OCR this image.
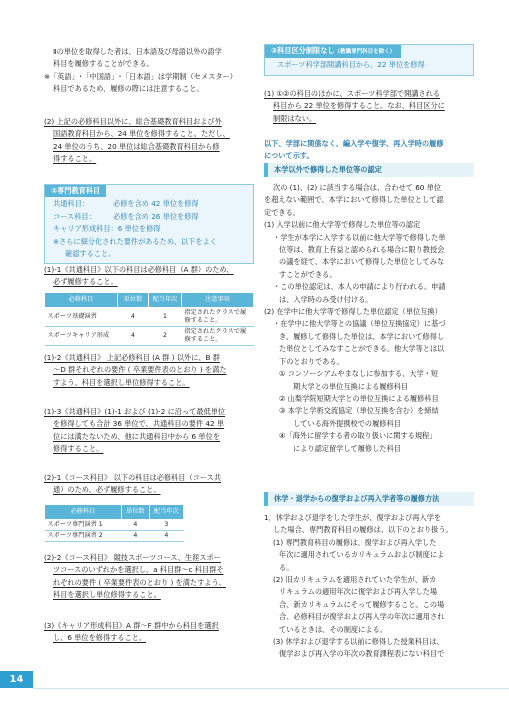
Ⅱの単位を取得した者は、日本語及び母語以外の語学

科目を履修することができる。

※「英語」･「中国語」･「日本語」は学期制（セメスター）

科目であるため、履修の際には注意すること。

(2) 上記の必修科目以外に、総合基礎教育科目および外

国語教育科目から、24 単位を修得すること。ただし、

24 単位のうち、20 単位は総合基礎教育科目から修

得すること。

②専門教育科目
共通科目：	必修を含め 42 単位を修得
コース科目：	必修を含め 26 単位を修得

キャリア形成科目：6 単位を修得

※さらに細分化された要件があるため、以下をよく

確認すること。

(1)-1《共通科目》以下の科目は必修科目（A 群）のため、

必ず履修すること。

必修科目	単位数	配当年次	注意事項
スポーツ基礎演習	4	1	指定されたクラスで履修すること。
スポーツキャリア形成	4	2	指定されたクラスで履修すること。

(1)-2《共通科目》 上記必修科目 (A 群 ) 以外に、B 群

～D 群それぞれの要件 ( 卒業要件表のとおり ) を満た

すよう、科目を選択し単位修得すること。

(1)-3《共通科目》(1)-1 および (1)-2 に沿って最低単位

を修得しても合計 36 単位で、共通科目の要件 42 単

位には満たないため、他に共通科目中から 6 単位を

修得すること。

(2)-1《コース科目》 以下の科目は必修科目（コース共

通）のため、必ず履修すること。

必修科目	単位数	配当年次
スポーツ専門演習 1	4	3
スポーツ専門演習 2	4	4

(2)-2《コース科目》 競技スポーツコース、生涯スポー

ツコースのいずれかを選択し、a 科目群～c 科目群そ

れぞれの要件 ( 卒業要件表のとおり ) を満たすよう、

科目を選択し単位修得すること。

(3)《キャリア形成科目》A 群～F 群中から科目を選択

し、6 単位を修得すること。

③科目区分制限なし（教職専門科目を除く）
スポーツ科学部開講科目から、22 単位を修得

(1) ①②の科目のほかに、スポーツ科学部で開講される

科目から 22 単位を修得すること。なお、科目区分に

制限はない。

以下、学部に関係なく、編入学や復学、再入学時の履修

について示す。

本学以外で修得した単位等の認定

次の (1)、(2) に該当する場合は、合わせて 60 単位

を超えない範囲で、本学において修得した単位として認

定できる。

(1) 入学以前に他大学等で修得した単位等の認定

・学生が本学に入学する以前に他大学等で修得した単

位等は、教育上有益と認められる場合に限り教授会

の議を経て、本学において修得した単位としてみな

すことができる。

・この単位認定は、本人の申請により行われる。申請

は、入学時のみ受け付ける。

(2) 在学中に他大学等で修得した単位認定（単位互換）

・在学中に他大学等との協議（単位互換協定）に基づ

き、履修して修得した単位は、本学において修得し

た単位としてみなすことができる。他大学等とは以

下のとおりである。

① コンソーシアムやまなしに参加する、大学・短

期大学との単位互換による履修科目

② 山梨学院短期大学との単位互換による履修科目

③ 本学と学術交流協定（単位互換を含む）を締結

している海外提携校での履修科目

④「海外に留学する者の取り扱いに関する規程」

により認定留学して履修した科目

休学・退学からの復学および再入学者等の履修方法

1．休学および退学をした学生が、復学および再入学を

した場合、専門教育科目の履修は、以下のとおり扱う。

(1) 専門教育科目の履修は、復学および再入学した

年次に適用されているカリキュラムおよび制度によ

る。

(2) 旧カリキュラムを適用されていた学生が、新カ

リキュラムの適用年次に復学および再入学した場

合、新カリキュラムにそって履修すること。この場

合、必修科目が復学および再入学の年次に適用され

ているときは、その制度による。

(3) 休学および退学する以前に修得した授業科目は、

復学および再入学の年次の教育課程表にない科目で

14
